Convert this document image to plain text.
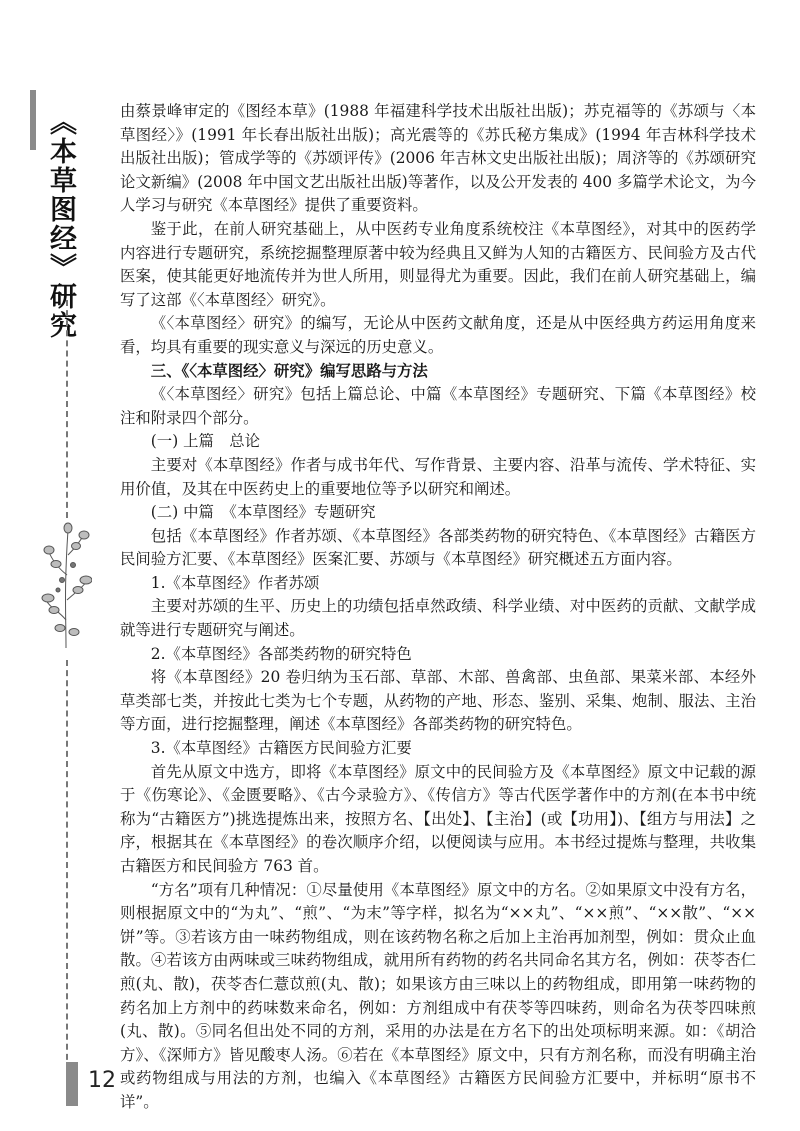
《本草图经》研究
12

由蔡景峰审定的《图经本草》(1988 年福建科学技术出版社出版)；苏克福等的《苏颂与〈本草图经〉》(1991 年长春出版社出版)；高光震等的《苏氏秘方集成》(1994 年吉林科学技术出版社出版)；管成学等的《苏颂评传》(2006 年吉林文史出版社出版)；周济等的《苏颂研究论文新编》(2008 年中国文艺出版社出版)等著作，以及公开发表的 400 多篇学术论文，为今人学习与研究《本草图经》提供了重要资料。

鉴于此，在前人研究基础上，从中医药专业角度系统校注《本草图经》，对其中的医药学内容进行专题研究，系统挖掘整理原著中较为经典且又鲜为人知的古籍医方、民间验方及古代医案，使其能更好地流传并为世人所用，则显得尤为重要。因此，我们在前人研究基础上，编写了这部《〈本草图经〉研究》。

《〈本草图经〉研究》的编写，无论从中医药文献角度，还是从中医经典方药运用角度来看，均具有重要的现实意义与深远的历史意义。

三、《〈本草图经〉研究》编写思路与方法

《〈本草图经〉研究》包括上篇总论、中篇《本草图经》专题研究、下篇《本草图经》校注和附录四个部分。

(一) 上篇　总论

主要对《本草图经》作者与成书年代、写作背景、主要内容、沿革与流传、学术特征、实用价值，及其在中医药史上的重要地位等予以研究和阐述。

(二) 中篇　《本草图经》专题研究

包括《本草图经》作者苏颂、《本草图经》各部类药物的研究特色、《本草图经》古籍医方民间验方汇要、《本草图经》医案汇要、苏颂与《本草图经》研究概述五方面内容。

1.《本草图经》作者苏颂

主要对苏颂的生平、历史上的功绩包括卓然政绩、科学业绩、对中医药的贡献、文献学成就等进行专题研究与阐述。

2.《本草图经》各部类药物的研究特色

将《本草图经》20 卷归纳为玉石部、草部、木部、兽禽部、虫鱼部、果菜米部、本经外草类部七类，并按此七类为七个专题，从药物的产地、形态、鉴别、采集、炮制、服法、主治等方面，进行挖掘整理，阐述《本草图经》各部类药物的研究特色。

3.《本草图经》古籍医方民间验方汇要

首先从原文中选方，即将《本草图经》原文中的民间验方及《本草图经》原文中记载的源于《伤寒论》、《金匮要略》、《古今录验方》、《传信方》等古代医学著作中的方剂(在本书中统称为“古籍医方”)挑选提炼出来，按照方名、【出处】、【主治】(或【功用】)、【组方与用法】之序，根据其在《本草图经》的卷次顺序介绍，以便阅读与应用。本书经过提炼与整理，共收集古籍医方和民间验方 763 首。

“方名”项有几种情况：①尽量使用《本草图经》原文中的方名。②如果原文中没有方名，则根据原文中的“为丸”、“煎”、“为末”等字样，拟名为“××丸”、“××煎”、“××散”、“××饼”等。③若该方由一味药物组成，则在该药物名称之后加上主治再加剂型，例如：贯众止血散。④若该方由两味或三味药物组成，就用所有药物的药名共同命名其方名，例如：茯苓杏仁煎(丸、散)，茯苓杏仁薏苡煎(丸、散)；如果该方由三味以上的药物组成，即用第一味药物的药名加上方剂中的药味数来命名，例如：方剂组成中有茯苓等四味药，则命名为茯苓四味煎(丸、散)。⑤同名但出处不同的方剂，采用的办法是在方名下的出处项标明来源。如：《胡洽方》、《深师方》皆见酸枣人汤。⑥若在《本草图经》原文中，只有方剂名称，而没有明确主治或药物组成与用法的方剂，也编入《本草图经》古籍医方民间验方汇要中，并标明“原书不详”。
